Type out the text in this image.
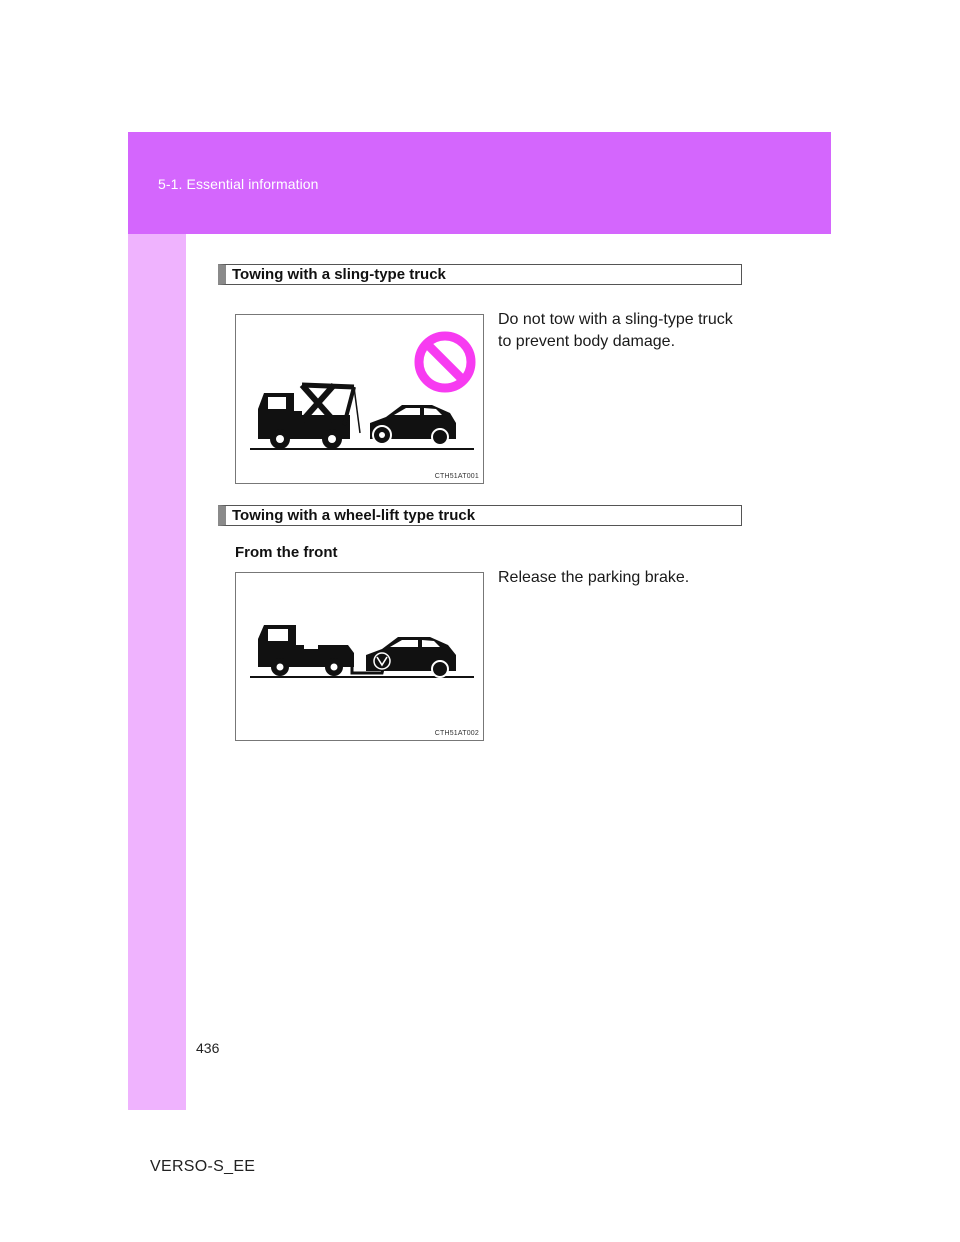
5-1. Essential information
Towing with a sling-type truck
CTH51AT001
Do not tow with a sling-type truck to prevent body damage.
Towing with a wheel-lift type truck
From the front
CTH51AT002
Release the parking brake.
436
VERSO-S_EE
